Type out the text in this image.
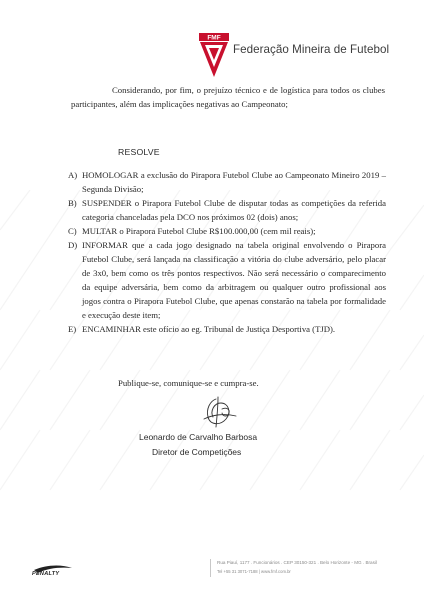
FMF
Federação Mineira de Futebol
Considerando, por fim, o prejuízo técnico e de logística para todos os clubes participantes, além das implicações negativas ao Campeonato;
RESOLVE
A) HOMOLOGAR a exclusão do Pirapora Futebol Clube ao Campeonato Mineiro 2019 – Segunda Divisão;
B) SUSPENDER o Pirapora Futebol Clube de disputar todas as competições da referida categoria chanceladas pela DCO nos próximos 02 (dois) anos;
C) MULTAR o Pirapora Futebol Clube R$100.000,00 (cem mil reais);
D) INFORMAR que a cada jogo designado na tabela original envolvendo o Pirapora Futebol Clube, será lançada na classificação a vitória do clube adversário, pelo placar de 3x0, bem como os três pontos respectivos. Não será necessário o comparecimento da equipe adversária, bem como da arbitragem ou qualquer outro profissional aos jogos contra o Pirapora Futebol Clube, que apenas constarão na tabela por formalidade e execução deste item;
E) ENCAMINHAR este ofício ao eg. Tribunal de Justiça Desportiva (TJD).
Publique-se, comunique-se e cumpra-se.
Leonardo de Carvalho Barbosa
Diretor de Competições
PENALTY
Rua Piauí, 1177 . Funcionários . CEP 30150-321 . Belo Horizonte - MG . Brasil
Tel +55 31 3071-7188 | www.fmf.com.br
